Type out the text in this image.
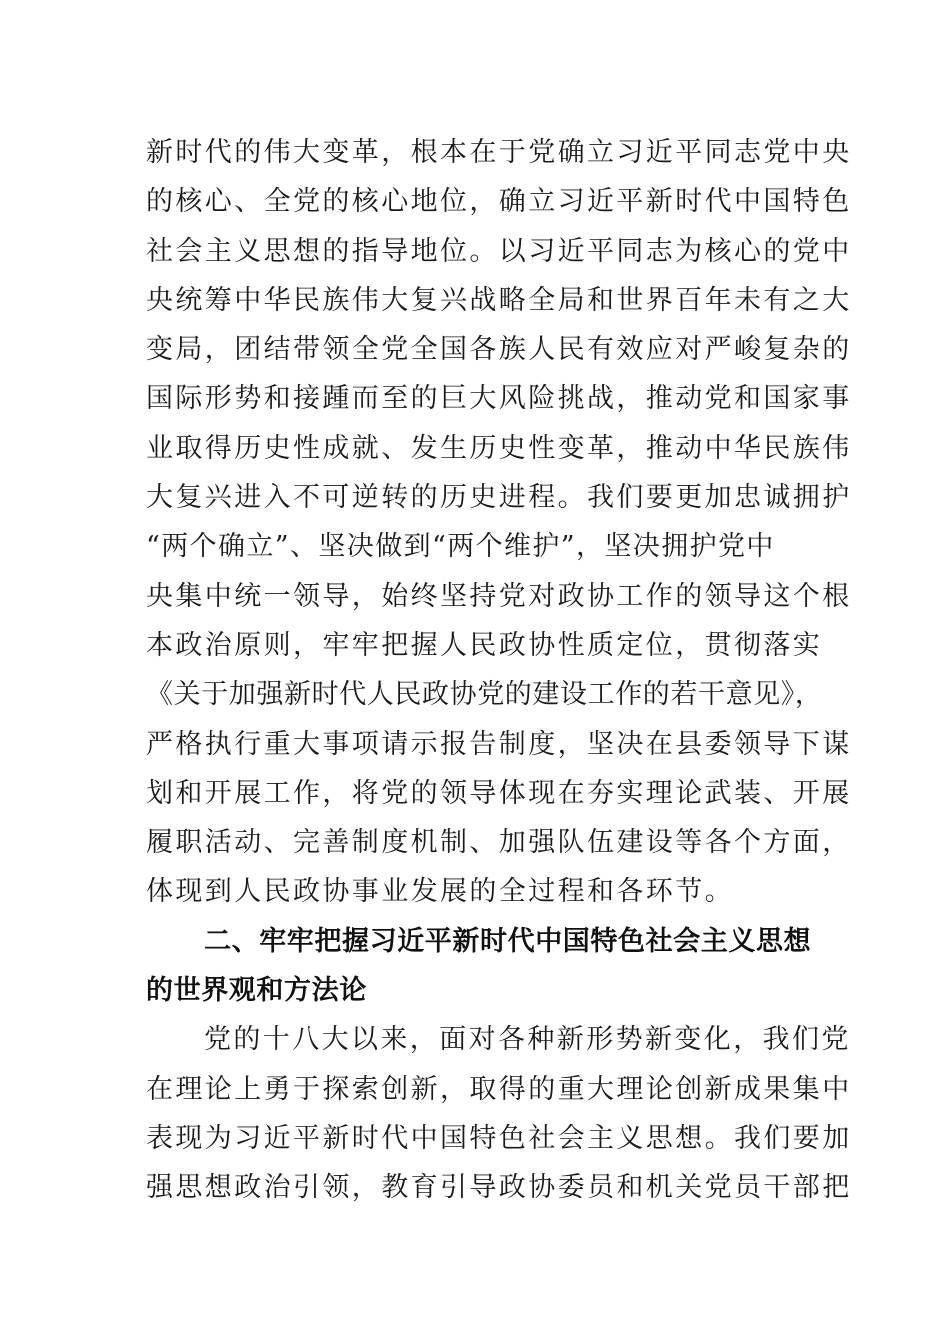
新时代的伟大变革，根本在于党确立习近平同志党中央
的核心、全党的核心地位，确立习近平新时代中国特色
社会主义思想的指导地位。以习近平同志为核心的党中
央统筹中华民族伟大复兴战略全局和世界百年未有之大
变局，团结带领全党全国各族人民有效应对严峻复杂的
国际形势和接踵而至的巨大风险挑战，推动党和国家事
业取得历史性成就、发生历史性变革，推动中华民族伟
大复兴进入不可逆转的历史进程。我们要更加忠诚拥护
“两个确立”、坚决做到“两个维护”，坚决拥护党中
央集中统一领导，始终坚持党对政协工作的领导这个根
本政治原则，牢牢把握人民政协性质定位，贯彻落实
《关于加强新时代人民政协党的建设工作的若干意见》，
严格执行重大事项请示报告制度，坚决在县委领导下谋
划和开展工作，将党的领导体现在夯实理论武装、开展
履职活动、完善制度机制、加强队伍建设等各个方面，
体现到人民政协事业发展的全过程和各环节。
二、牢牢把握习近平新时代中国特色社会主义思想
的世界观和方法论
党的十八大以来，面对各种新形势新变化，我们党
在理论上勇于探索创新，取得的重大理论创新成果集中
表现为习近平新时代中国特色社会主义思想。我们要加
强思想政治引领，教育引导政协委员和机关党员干部把
